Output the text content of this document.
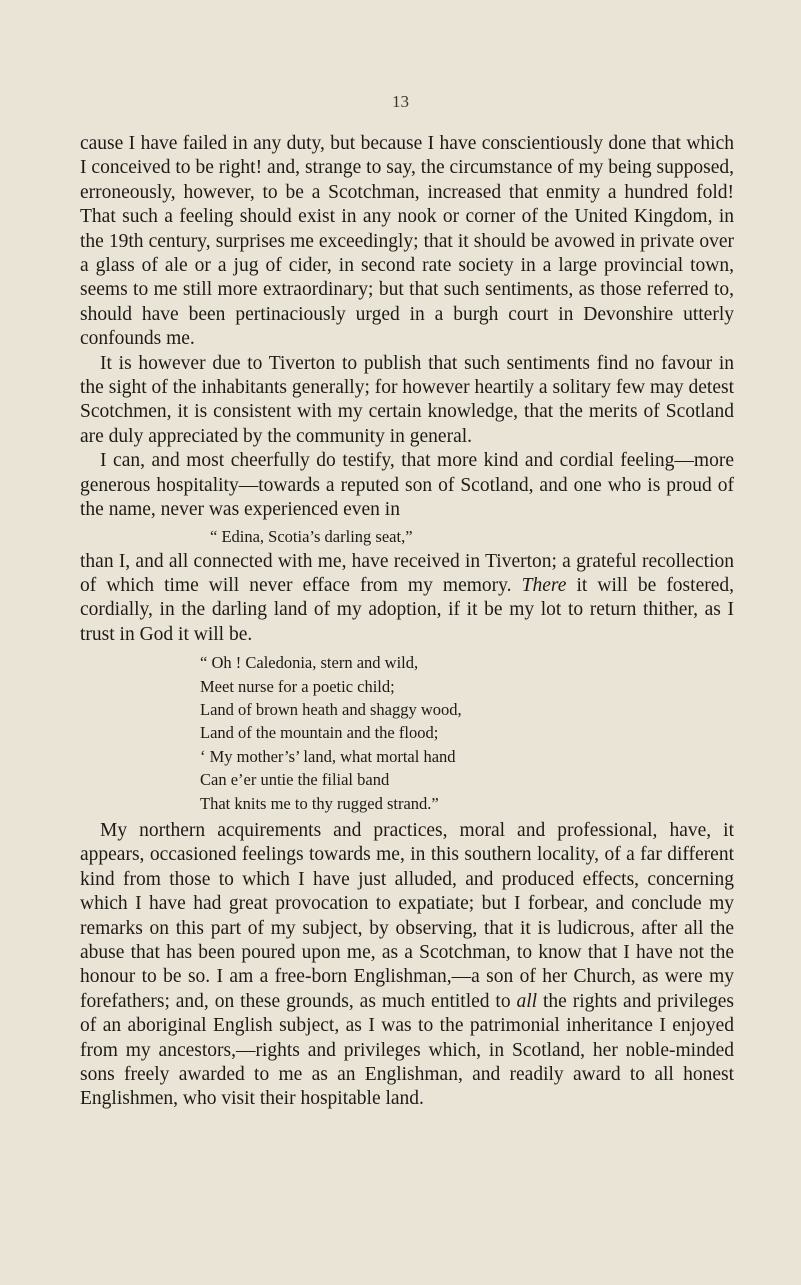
13

cause I have failed in any duty, but because I have conscientiously done that which I conceived to be right! and, strange to say, the circumstance of my being supposed, erroneously, however, to be a Scotchman, increased that enmity a hundred fold! That such a feeling should exist in any nook or corner of the United Kingdom, in the 19th century, surprises me exceedingly; that it should be avowed in private over a glass of ale or a jug of cider, in second rate society in a large provincial town, seems to me still more extraordinary; but that such sentiments, as those referred to, should have been pertinaciously urged in a burgh court in Devonshire utterly confounds me.

It is however due to Tiverton to publish that such sentiments find no favour in the sight of the inhabitants generally; for however heartily a solitary few may detest Scotchmen, it is consistent with my certain knowledge, that the merits of Scotland are duly appreciated by the community in general.

I can, and most cheerfully do testify, that more kind and cordial feeling—more generous hospitality—towards a reputed son of Scotland, and one who is proud of the name, never was experienced even in

“ Edina, Scotia’s darling seat,”

than I, and all connected with me, have received in Tiverton; a grateful recollection of which time will never efface from my memory. There it will be fostered, cordially, in the darling land of my adoption, if it be my lot to return thither, as I trust in God it will be.

“ Oh ! Caledonia, stern and wild,
Meet nurse for a poetic child;
Land of brown heath and shaggy wood,
Land of the mountain and the flood;
‘ My mother’s’ land, what mortal hand
Can e’er untie the filial band
That knits me to thy rugged strand.”

My northern acquirements and practices, moral and professional, have, it appears, occasioned feelings towards me, in this southern locality, of a far different kind from those to which I have just alluded, and produced effects, concerning which I have had great provocation to expatiate; but I forbear, and conclude my remarks on this part of my subject, by observing, that it is ludicrous, after all the abuse that has been poured upon me, as a Scotchman, to know that I have not the honour to be so. I am a free-born Englishman,—a son of her Church, as were my forefathers; and, on these grounds, as much entitled to all the rights and privileges of an aboriginal English subject, as I was to the patrimonial inheritance I enjoyed from my ancestors,—rights and privileges which, in Scotland, her noble-minded sons freely awarded to me as an Englishman, and readily award to all honest Englishmen, who visit their hospitable land.
